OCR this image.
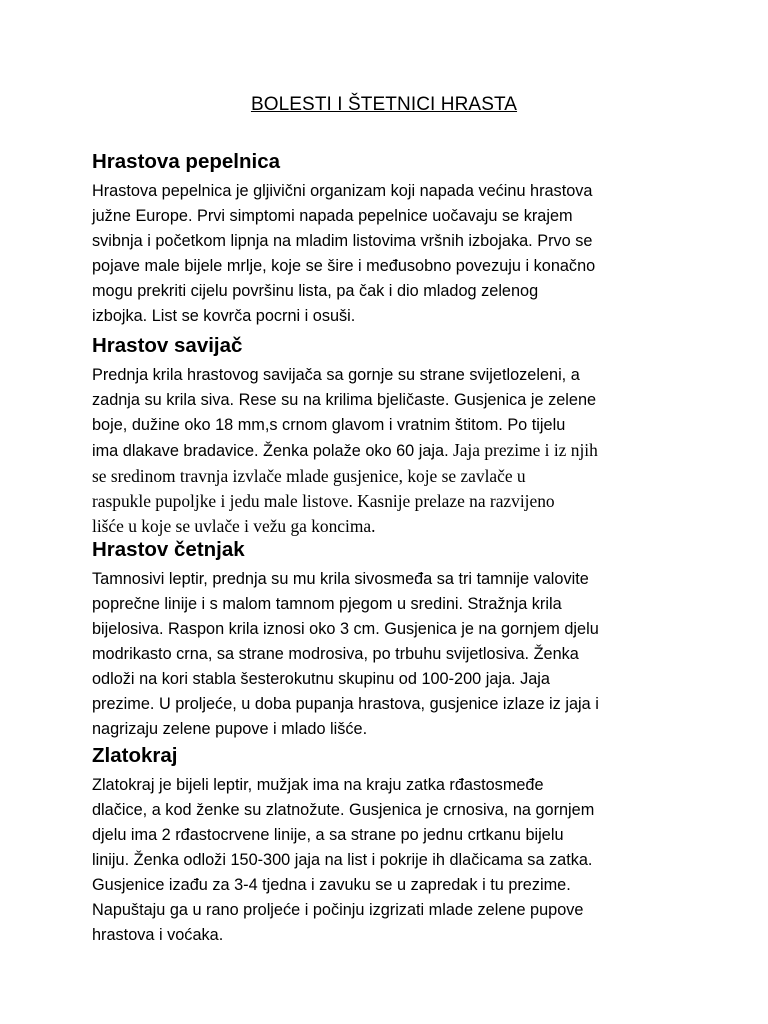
BOLESTI I ŠTETNICI HRASTA
Hrastova pepelnica

Hrastova pepelnica je gljivični organizam koji napada većinu hrastova
južne Europe. Prvi simptomi napada pepelnice uočavaju se krajem
svibnja i početkom lipnja na mladim listovima vršnih izbojaka. Prvo se
pojave male bijele mrlje, koje se šire i međusobno povezuju i konačno
mogu prekriti cijelu površinu lista, pa čak i dio mladog zelenog
izbojka. List se kovrča pocrni i osuši.

Hrastov savijač

Prednja krila hrastovog savijača sa gornje su strane svijetlozeleni, a
zadnja su krila siva. Rese su na krilima bjeličaste. Gusjenica je zelene
boje, dužine oko 18 mm,s crnom glavom i vratnim štitom. Po tijelu
ima dlakave bradavice. Ženka polaže oko 60 jaja. Jaja prezime i iz njih
se sredinom travnja izvlače mlade gusjenice, koje se zavlače u
raspukle pupoljke i jedu male listove. Kasnije prelaze na razvijeno
lišće u koje se uvlače i vežu ga koncima.

Hrastov četnjak

Tamnosivi leptir, prednja su mu krila sivosmeđa sa tri tamnije valovite
poprečne linije i s malom tamnom pjegom u sredini. Stražnja krila
bijelosiva. Raspon krila iznosi oko 3 cm. Gusjenica je na gornjem djelu
modrikasto crna, sa strane modrosiva, po trbuhu svijetlosiva. Ženka
odloži na kori stabla šesterokutnu skupinu od 100-200 jaja. Jaja
prezime. U proljeće, u doba pupanja hrastova, gusjenice izlaze iz jaja i
nagrizaju zelene pupove i mlado lišće.

Zlatokraj

Zlatokraj je bijeli leptir, mužjak ima na kraju zatka rđastosmeđe
dlačice, a kod ženke su zlatnožute. Gusjenica je crnosiva, na gornjem
djelu ima 2 rđastocrvene linije, a sa strane po jednu crtkanu bijelu
liniju. Ženka odloži 150-300 jaja na list i pokrije ih dlačicama sa zatka.
Gusjenice izađu za 3-4 tjedna i zavuku se u zapredak i tu prezime.
Napuštaju ga u rano proljeće i počinju izgrizati mlade zelene pupove
hrastova i voćaka.
